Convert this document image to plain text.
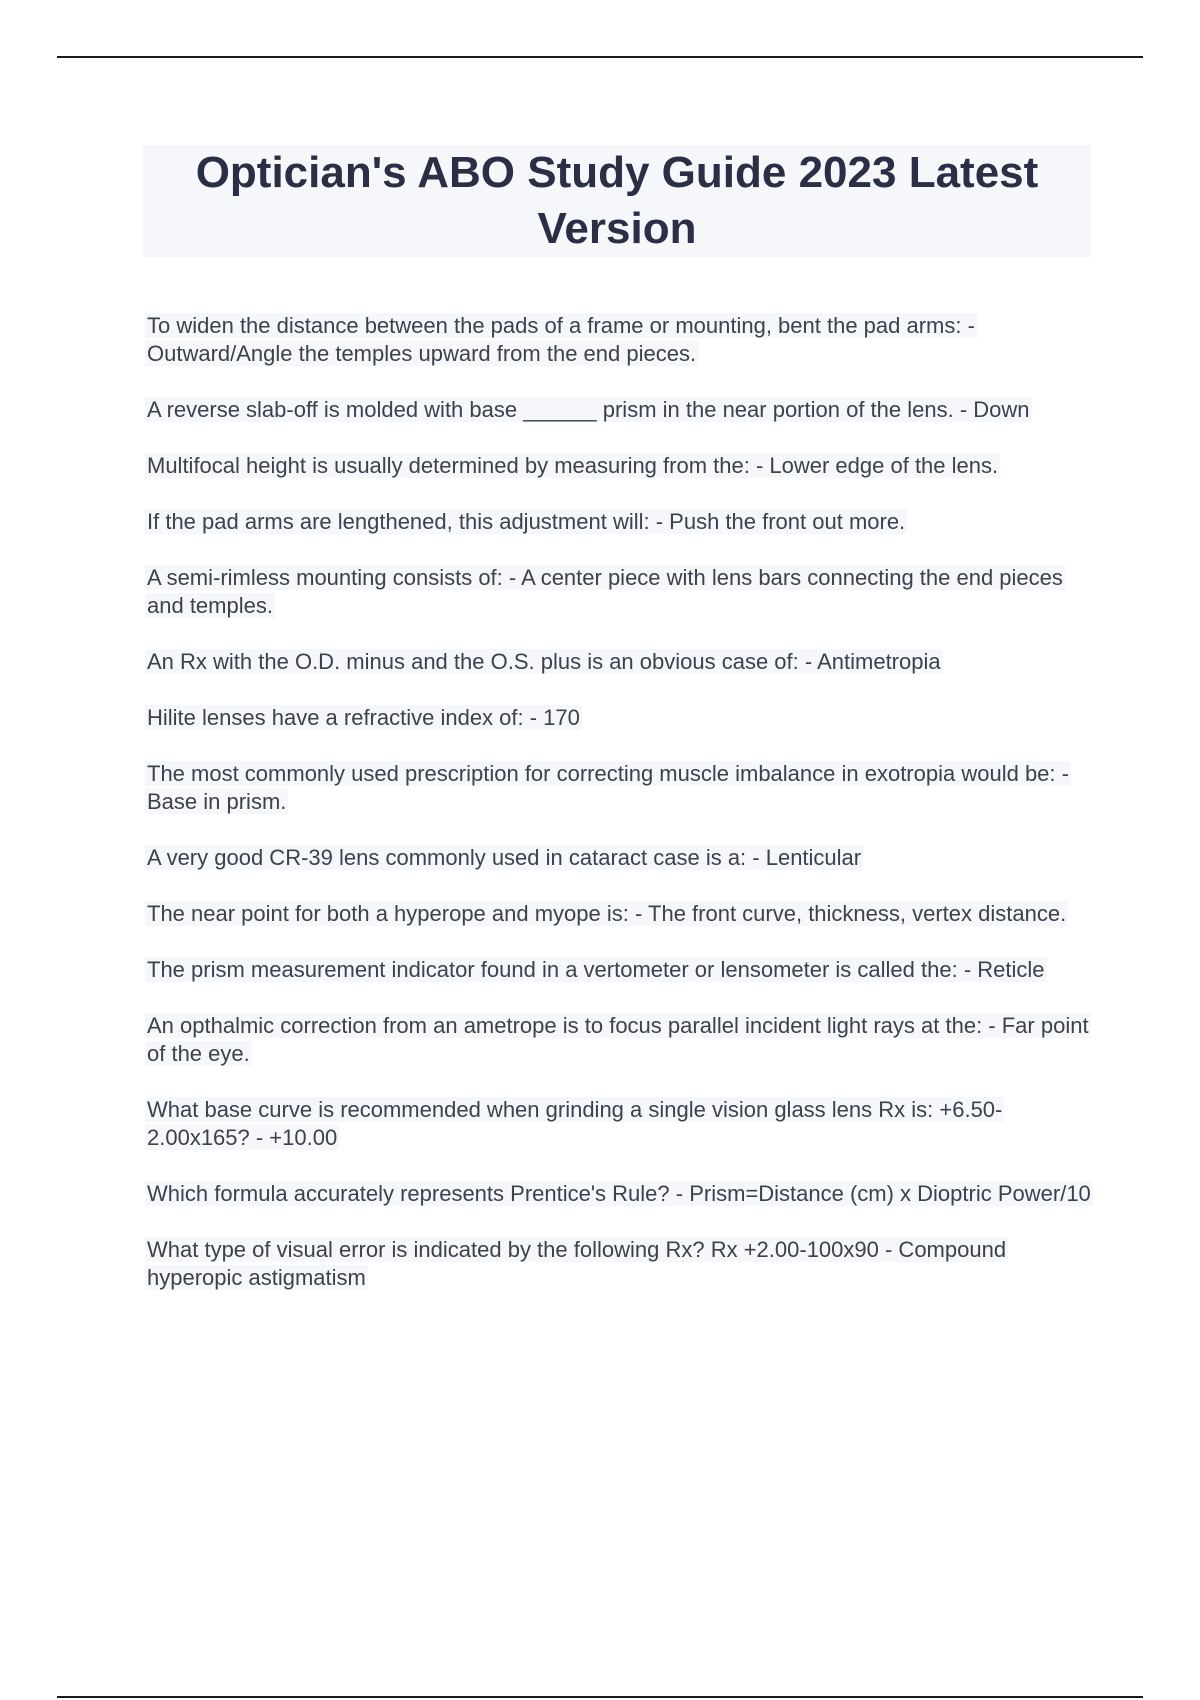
Optician's ABO Study Guide 2023 Latest Version

To widen the distance between the pads of a frame or mounting, bent the pad arms: - Outward/Angle the temples upward from the end pieces.

A reverse slab-off is molded with base ______ prism in the near portion of the lens. - Down

Multifocal height is usually determined by measuring from the: - Lower edge of the lens.

If the pad arms are lengthened, this adjustment will: - Push the front out more.

A semi-rimless mounting consists of: - A center piece with lens bars connecting the end pieces and temples.

An Rx with the O.D. minus and the O.S. plus is an obvious case of: - Antimetropia

Hilite lenses have a refractive index of: - 170

The most commonly used prescription for correcting muscle imbalance in exotropia would be: - Base in prism.

A very good CR-39 lens commonly used in cataract case is a: - Lenticular

The near point for both a hyperope and myope is: - The front curve, thickness, vertex distance.

The prism measurement indicator found in a vertometer or lensometer is called the: - Reticle

An opthalmic correction from an ametrope is to focus parallel incident light rays at the: - Far point of the eye.

What base curve is recommended when grinding a single vision glass lens Rx is: +6.50-2.00x165? - +10.00

Which formula accurately represents Prentice's Rule? - Prism=Distance (cm) x Dioptric Power/10

What type of visual error is indicated by the following Rx? Rx +2.00-100x90 - Compound hyperopic astigmatism
